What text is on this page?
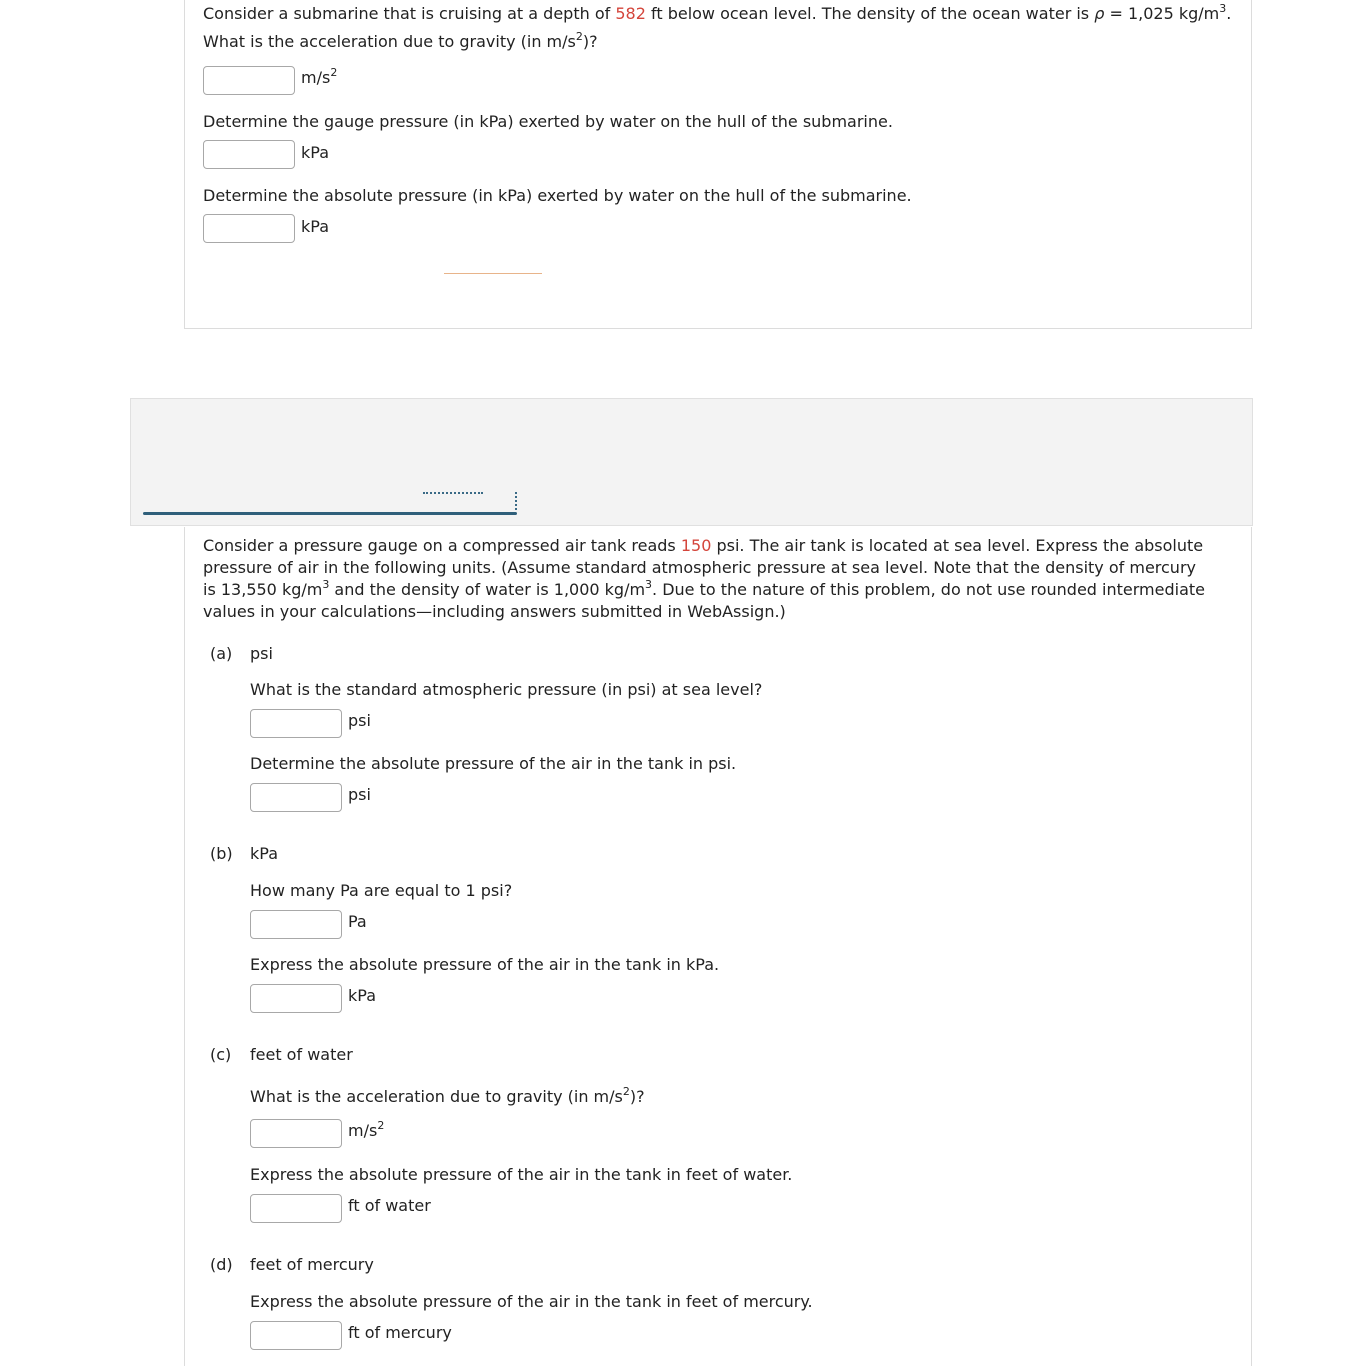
Consider a submarine that is cruising at a depth of 582 ft below ocean level. The density of the ocean water is ρ = 1,025 $kg/m^3$.
What is the acceleration due to gravity (in $m/s^2$)?
$m/s^2$
Determine the gauge pressure (in kPa) exerted by water on the hull of the submarine.
kPa
Determine the absolute pressure (in kPa) exerted by water on the hull of the submarine.
kPa
Consider a pressure gauge on a compressed air tank reads 150 psi. The air tank is located at sea level. Express the absolute pressure of air in the following units. (Assume standard atmospheric pressure at sea level. Note that the density of mercury is 13,550 $kg/m^3$ and the density of water is 1,000 $kg/m^3$. Due to the nature of this problem, do not use rounded intermediate values in your calculations—including answers submitted in WebAssign.)
(a) psi
What is the standard atmospheric pressure (in psi) at sea level?
psi
Determine the absolute pressure of the air in the tank in psi.
psi
(b) kPa
How many Pa are equal to 1 psi?
Pa
Express the absolute pressure of the air in the tank in kPa.
kPa
(c) feet of water
What is the acceleration due to gravity (in $m/s^2$)?
$m/s^2$
Express the absolute pressure of the air in the tank in feet of water.
ft of water
(d) feet of mercury
Express the absolute pressure of the air in the tank in feet of mercury.
ft of mercury
